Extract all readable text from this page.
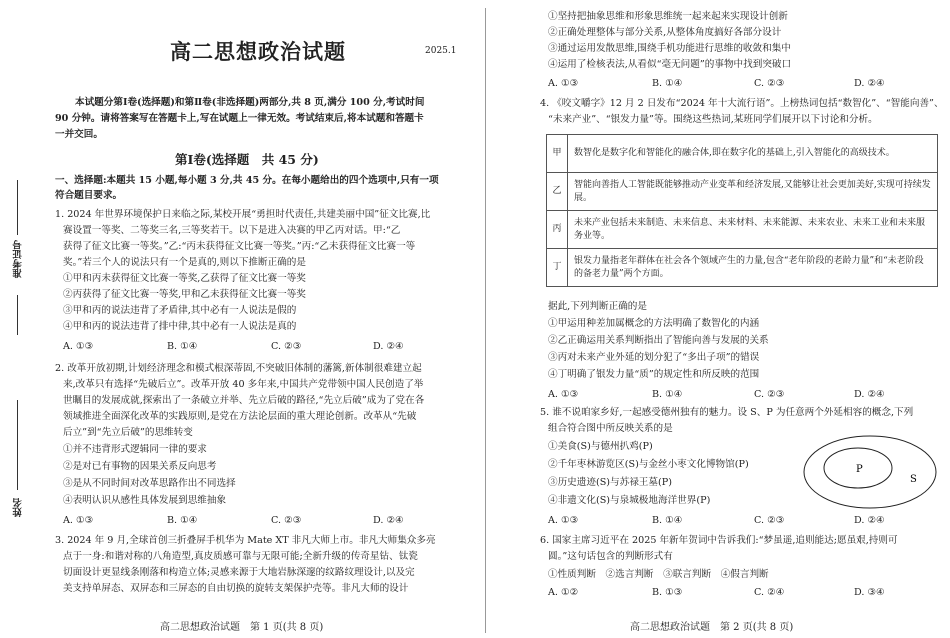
准考证号
姓名
高二思想政治试题	2025.1
本试题分第Ⅰ卷(选择题)和第Ⅱ卷(非选择题)两部分,共 8 页,满分 100 分,考试时间
90 分钟。请将答案写在答题卡上,写在试题上一律无效。考试结束后,将本试题和答题卡
一并交回。
第Ⅰ卷(选择题　共 45 分)
一、选择题:本题共 15 小题,每小题 3 分,共 45 分。在每小题给出的四个选项中,只有一项
符合题目要求。
1. 2024 年世界环境保护日来临之际,某校开展“勇担时代责任,共建美丽中国”征文比赛,比
赛设置一等奖、二等奖三名,三等奖若干。以下是进入决赛的甲乙丙对话。甲:“乙
获得了征文比赛一等奖。”乙:“丙未获得征文比赛一等奖。”丙:“乙未获得征文比赛一等
奖。”若三个人的说法只有一个是真的,则以下推断正确的是
①甲和丙未获得征文比赛一等奖,乙获得了征文比赛一等奖
②丙获得了征文比赛一等奖,甲和乙未获得征文比赛一等奖
③甲和丙的说法违背了矛盾律,其中必有一人说法是假的
④甲和丙的说法违背了排中律,其中必有一人说法是真的
A. ①③	B. ①④	C. ②③	D. ②④
2. 改革开放初期,计划经济理念和模式根深蒂固,不突破旧体制的藩篱,新体制很难建立起
来,改革只有选择“先破后立”。改革开放 40 多年来,中国共产党带领中国人民创造了举
世瞩目的发展成就,探索出了一条破立并举、先立后破的路径,“先立后破”成为了党在各
领域推进全面深化改革的实践原则,是党在方法论层面的重大理论创新。改革从“先破
后立”到“先立后破”的思维转变
①并不违背形式逻辑同一律的要求
②是对已有事物的因果关系反向思考
③是从不同时间对改革思路作出不同选择
④表明认识从感性具体发展到思维抽象
A. ①③	B. ①④	C. ②③	D. ②④
3. 2024 年 9 月,全球首创三折叠屏手机华为 Mate XT 非凡大师上市。非凡大师集众多亮
点于一身:和谐对称的八角造型,真皮质感可靠与无限可能;全新升级的传奇星钻、钛瓷
切面设计更显线条刚落和构造立体;灵感来源于大地岩脉深邃的纹路纹理设计,以及完
美支持单屏态、双屏态和三屏态的自由切换的旋转支架保护壳等。非凡大师的设计
高二思想政治试题　第 1 页(共 8 页)
①坚持把抽象思维和形象思维统一起来起来实现设计创新
②正确处理整体与部分关系,从整体角度搞好各部分设计
③通过运用发散思维,围绕手机功能进行思维的收敛和集中
④运用了检核表法,从看似“毫无问题”的事物中找到突破口
A. ①③	B. ①④	C. ②③	D. ②④
4. 《咬文嚼字》12 月 2 日发布“2024 年十大流行语”。上榜热词包括“数智化”、“智能向善”、
“未来产业”、“银发力量”等。围绕这些热词,某班同学们展开以下讨论和分析。
甲	数智化是数字化和智能化的融合体,即在数字化的基础上,引入智能化的高级技术。
乙	智能向善指人工智能既能够推动产业变革和经济发展,又能够让社会更加美好,实现可持续发展。
丙	未来产业包括未来制造、未来信息、未来材料、未来能源、未来农业、未来工业和未来服务业等。
丁	银发力量指老年群体在社会各个领域产生的力量,包含“老年阶段的老龄力量”和“未老阶段的备老力量”两个方面。
据此,下列判断正确的是
①甲运用种差加属概念的方法明确了数智化的内涵
②乙正确运用关系判断指出了智能向善与发展的关系
③丙对未来产业外延的划分犯了“多出子项”的错误
④丁明确了银发力量“质”的规定性和所反映的范围
A. ①③	B. ①④	C. ②③	D. ②④
5. 谁不说咱家乡好,一起感受德州独有的魅力。设 S、P 为任意两个外延相容的概念,下列
组合符合图中所反映关系的是
①美食(S)与德州扒鸡(P)
②千年枣林游览区(S)与金丝小枣文化博物馆(P)
③历史遗迹(S)与苏禄王墓(P)
④非遗文化(S)与泉城极地海洋世界(P)
A. ①③	B. ①④	C. ②③	D. ②④
P
S
6. 国家主席习近平在 2025 年新年贺词中告诉我们:“梦虽遥,追则能达;愿虽艰,持则可
圆。”这句话包含的判断形式有
①性质判断　②选言判断　③联言判断　④假言判断
A. ①②	B. ①③	C. ②④	D. ③④
高二思想政治试题　第 2 页(共 8 页)
